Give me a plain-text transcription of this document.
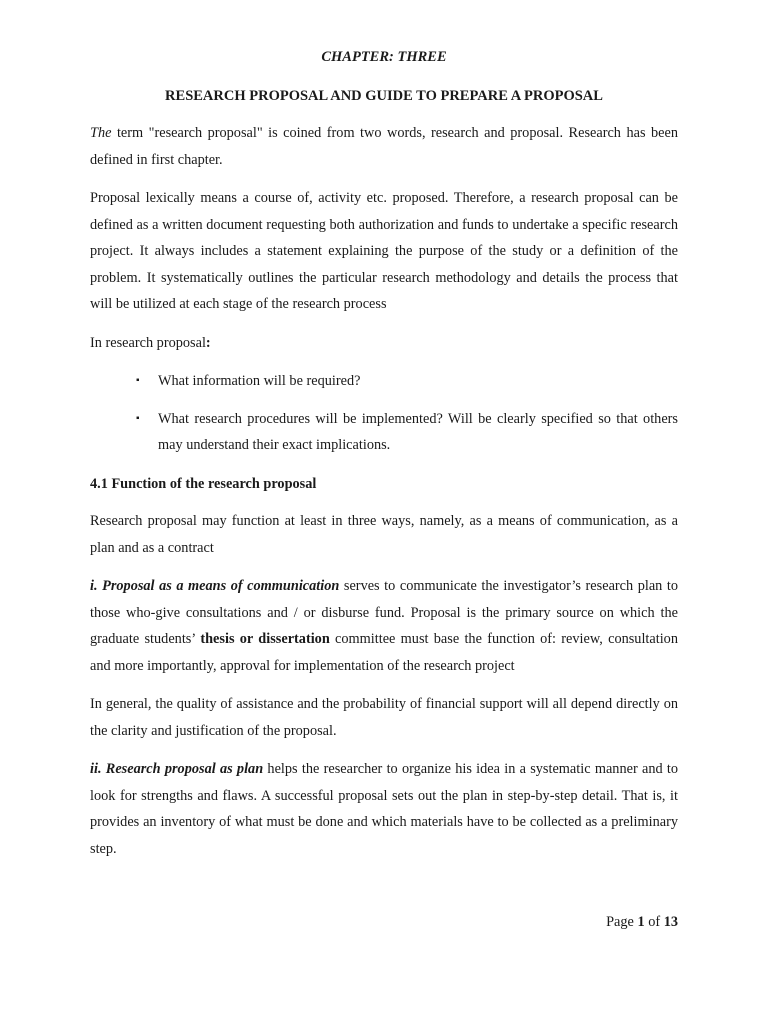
CHAPTER: THREE
RESEARCH PROPOSAL AND GUIDE TO PREPARE A PROPOSAL

The term "research proposal" is coined from two words, research and proposal. Research has been defined in first chapter.

Proposal lexically means a course of, activity etc. proposed. Therefore, a research proposal can be defined as a written document requesting both authorization and funds to undertake a specific research project. It always includes a statement explaining the purpose of the study or a definition of the problem. It systematically outlines the particular research methodology and details the process that will be utilized at each stage of the research process

In research proposal:

▪ What information will be required?
▪ What research procedures will be implemented? Will be clearly specified so that others may understand their exact implications.
4.1 Function of the research proposal

Research proposal may function at least in three ways, namely, as a means of communication, as a plan and as a contract

i. Proposal as a means of communication serves to communicate the investigator’s research plan to those who-give consultations and / or disburse fund. Proposal is the primary source on which the graduate students’ thesis or dissertation committee must base the function of: review, consultation and more importantly, approval for implementation of the research project

In general, the quality of assistance and the probability of financial support will all depend directly on the clarity and justification of the proposal.

ii. Research proposal as plan helps the researcher to organize his idea in a systematic manner and to look for strengths and flaws. A successful proposal sets out the plan in step-by-step detail. That is, it provides an inventory of what must be done and which materials have to be collected as a preliminary step.

Page 1 of 13
